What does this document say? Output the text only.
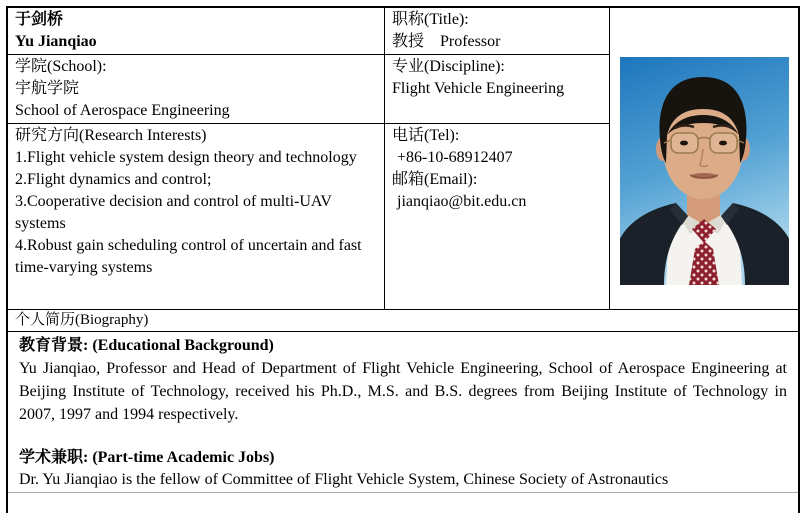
于剑桥
Yu Jianqiao
学院(School):
宇航学院
School of Aerospace Engineering
研究方向(Research Interests)
1.Flight vehicle system design theory and technology
2.Flight dynamics and control;
3.Cooperative decision and control of multi-UAV systems
4.Robust gain scheduling control of uncertain and fast time-varying systems
职称(Title):
教授　Professor
专业(Discipline):
Flight Vehicle Engineering
电话(Tel):
+86-10-68912407
邮箱(Email):
jianqiao@bit.edu.cn
个人简历(Biography)
教育背景: (Educational Background)
Yu Jianqiao, Professor and Head of Department of Flight Vehicle Engineering, School of Aerospace Engineering at Beijing Institute of Technology, received his Ph.D., M.S. and B.S. degrees from Beijing Institute of Technology in 2007, 1997 and 1994 respectively.
学术兼职: (Part-time Academic Jobs)
Dr. Yu Jianqiao is the fellow of Committee of Flight Vehicle System, Chinese Society of Astronautics
